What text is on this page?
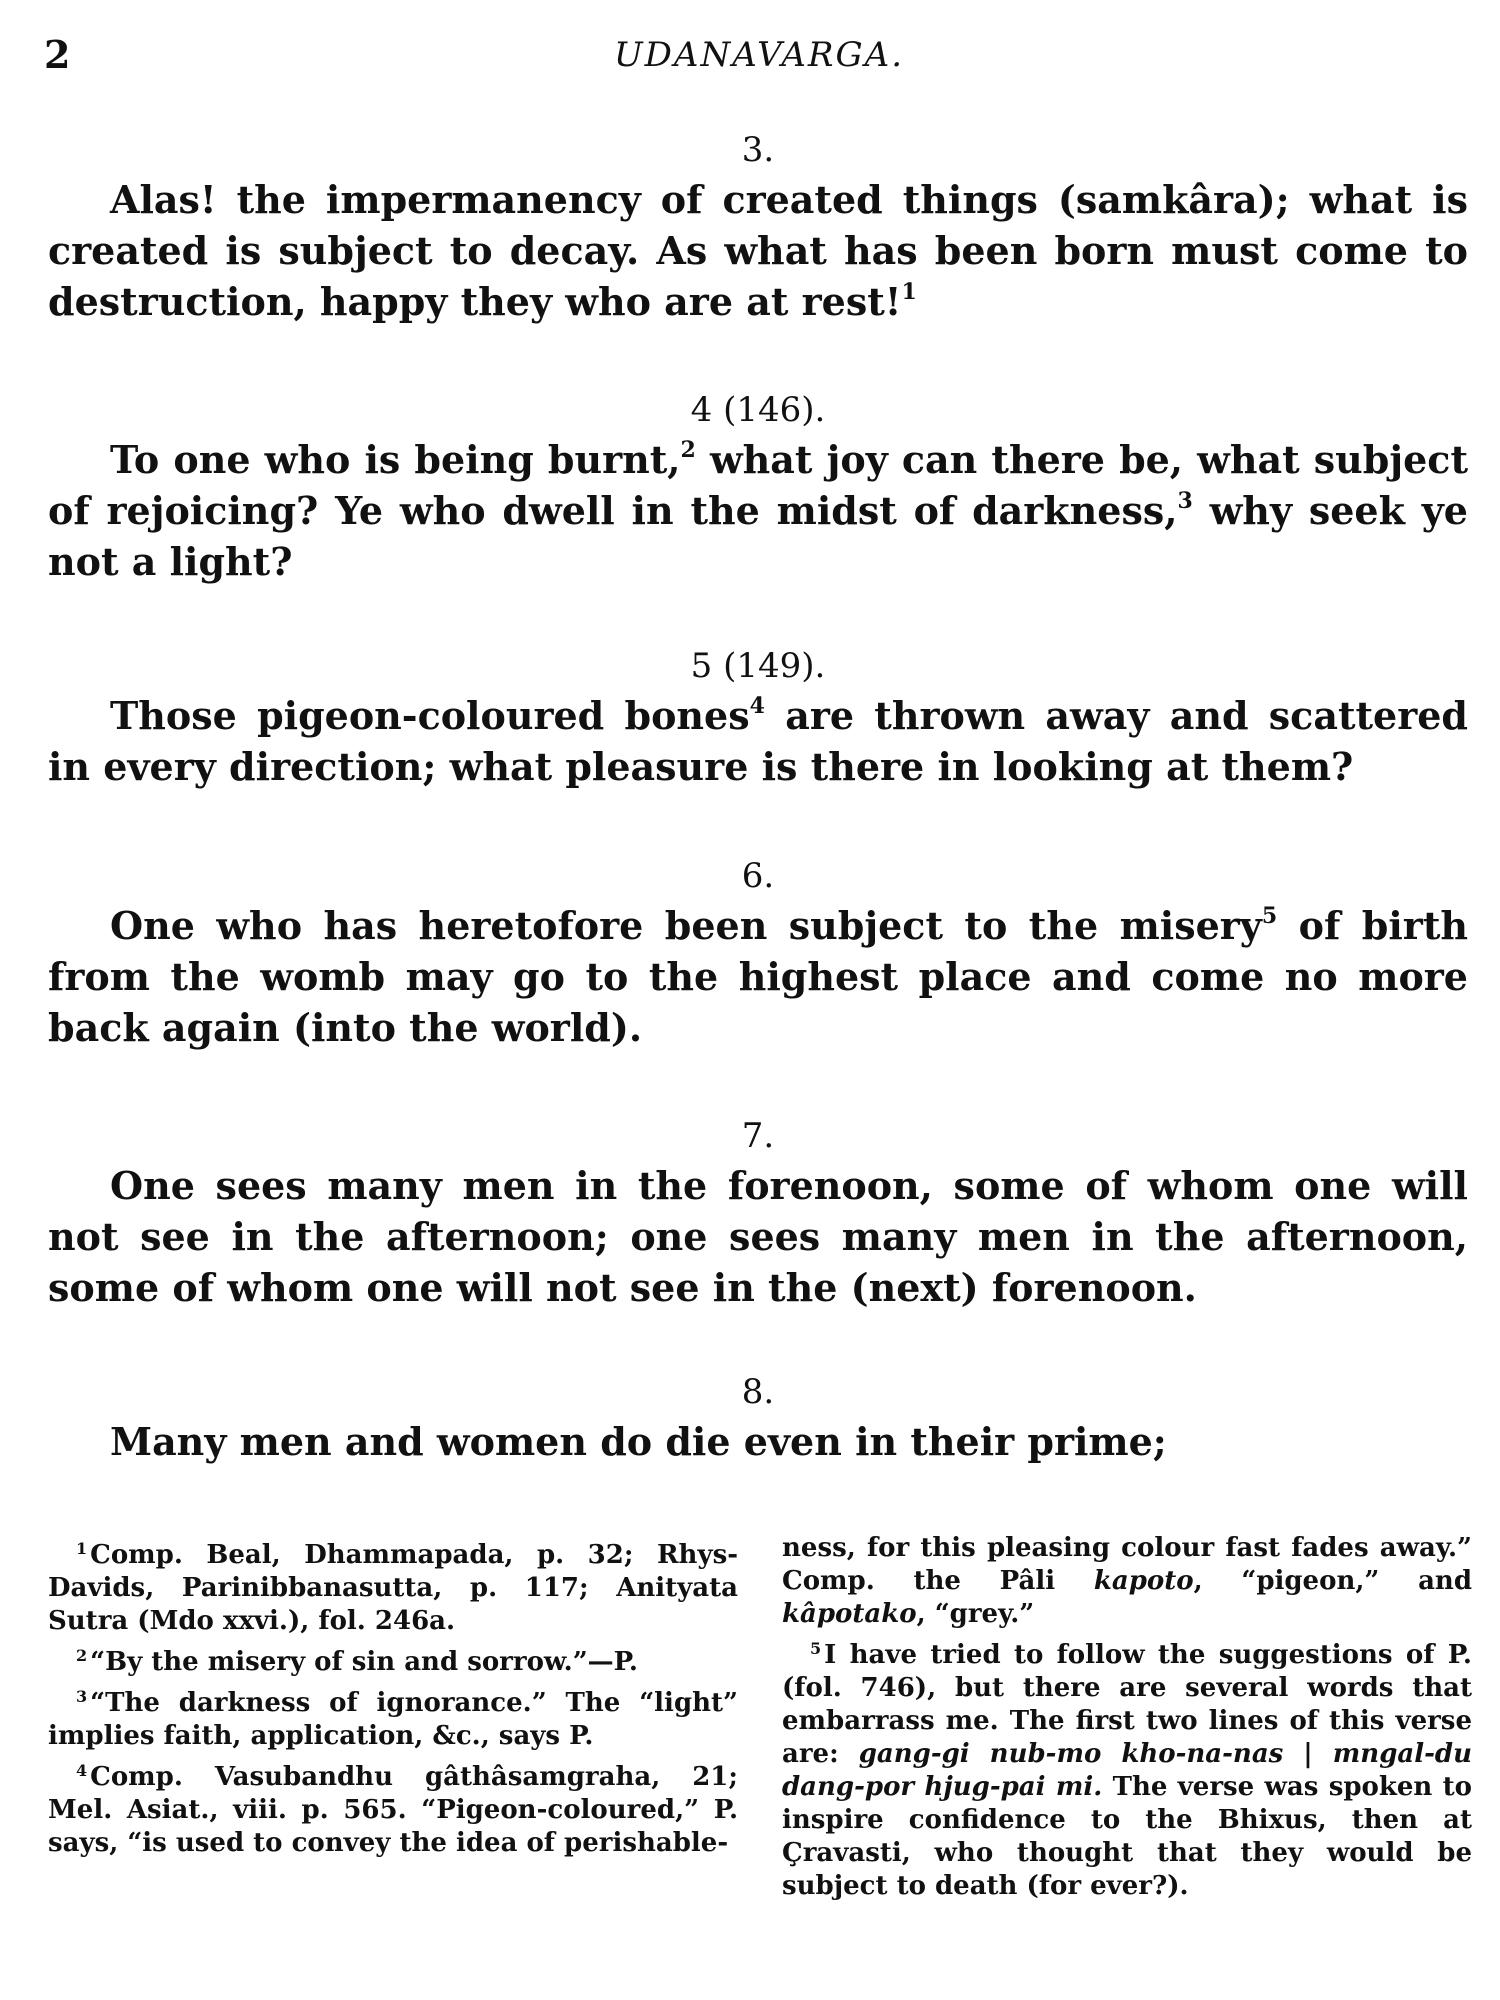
2	UDANAVARGA.

3.

Alas! the impermanency of created things (samkâra); what is created is subject to decay. As what has been born must come to destruction, happy they who are at rest!$^1$

4 (146).

To one who is being burnt,$^2$ what joy can there be, what subject of rejoicing? Ye who dwell in the midst of darkness,$^3$ why seek ye not a light?

5 (149).

Those pigeon-coloured bones$^4$ are thrown away and scattered in every direction; what pleasure is there in looking at them?

6.

One who has heretofore been subject to the misery$^5$ of birth from the womb may go to the highest place and come no more back again (into the world).

7.

One sees many men in the forenoon, some of whom one will not see in the afternoon; one sees many men in the afternoon, some of whom one will not see in the (next) forenoon.

8.

Many men and women do die even in their prime;

$^1$ Comp. Beal, Dhammapada, p. 32; Rhys-Davids, Parinibbanasutta, p. 117; Anityata Sutra (Mdo xxvi.), fol. 246a.

$^2$ “By the misery of sin and sorrow.”—P.

$^3$ “The darkness of ignorance.” The “light” implies faith, application, &c., says P.

$^4$ Comp. Vasubandhu gâthâsamgraha, 21; Mel. Asiat., viii. p. 565. “Pigeon-coloured,” P. says, “is used to convey the idea of perishable-

ness, for this pleasing colour fast fades away.” Comp. the Pâli kapoto, “pigeon,” and kâpotako, “grey.”

$^5$ I have tried to follow the suggestions of P. (fol. 746), but there are several words that embarrass me. The first two lines of this verse are: gang-gi nub-mo kho-na-nas | mngal-du dang-por hjug-pai mi. The verse was spoken to inspire confidence to the Bhixus, then at Çravasti, who thought that they would be subject to death (for ever?).
